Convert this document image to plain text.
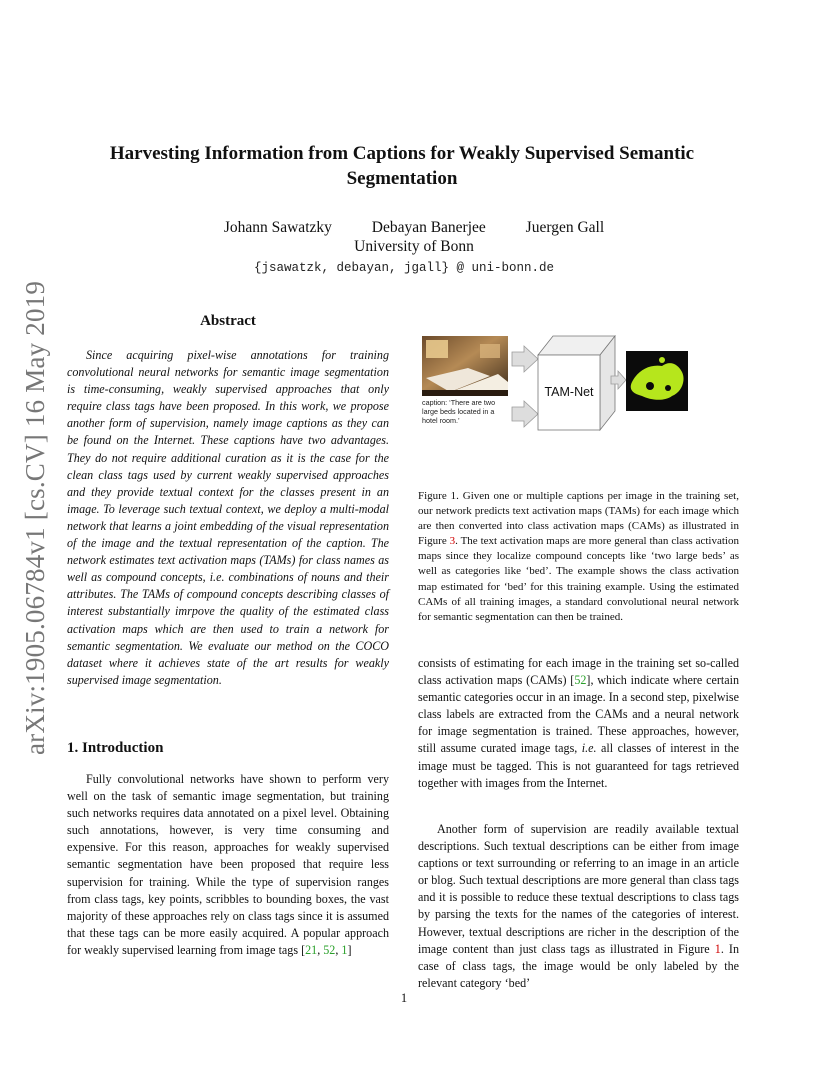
arXiv:1905.06784v1 [cs.CV] 16 May 2019
Harvesting Information from Captions for Weakly Supervised Semantic Segmentation
Johann Sawatzky	Debayan Banerjee	Juergen Gall
University of Bonn
{jsawatzk, debayan, jgall} @ uni-bonn.de
Abstract
Since acquiring pixel-wise annotations for training convolutional neural networks for semantic image segmentation is time-consuming, weakly supervised approaches that only require class tags have been proposed. In this work, we propose another form of supervision, namely image captions as they can be found on the Internet. These captions have two advantages. They do not require additional curation as it is the case for the clean class tags used by current weakly supervised approaches and they provide textual context for the classes present in an image. To leverage such textual context, we deploy a multi-modal network that learns a joint embedding of the visual representation of the image and the textual representation of the caption. The network estimates text activation maps (TAMs) for class names as well as compound concepts, i.e. combinations of nouns and their attributes. The TAMs of compound concepts describing classes of interest substantially imrpove the quality of the estimated class activation maps which are then used to train a network for semantic segmentation. We evaluate our method on the COCO dataset where it achieves state of the art results for weakly supervised image segmentation.
1. Introduction
Fully convolutional networks have shown to perform very well on the task of semantic image segmentation, but training such networks requires data annotated on a pixel level. Obtaining such annotations, however, is very time consuming and expensive. For this reason, approaches for weakly supervised semantic segmentation have been proposed that require less supervision for training. While the type of supervision ranges from class tags, key points, scribbles to bounding boxes, the vast majority of these approaches rely on class tags since it is assumed that these tags can be more easily acquired. A popular approach for weakly supervised learning from image tags [21, 52, 1]
caption: ‘There are two large beds located in a hotel room.’
TAM-Net
Figure 1. Given one or multiple captions per image in the training set, our network predicts text activation maps (TAMs) for each image which are then converted into class activation maps (CAMs) as illustrated in Figure 3. The text activation maps are more general than class activation maps since they localize compound concepts like ‘two large beds’ as well as categories like ‘bed’. The example shows the class activation map estimated for ‘bed’ for this training example. Using the estimated CAMs of all training images, a standard convolutional neural network for semantic segmentation can then be trained.
consists of estimating for each image in the training set so-called class activation maps (CAMs) [52], which indicate where certain semantic categories occur in an image. In a second step, pixelwise class labels are extracted from the CAMs and a neural network for image segmentation is trained. These approaches, however, still assume curated image tags, i.e. all classes of interest in the image must be tagged. This is not guaranteed for tags retrieved together with images from the Internet.
Another form of supervision are readily available textual descriptions. Such textual descriptions can be either from image captions or text surrounding or referring to an image in an article or blog. Such textual descriptions are more general than class tags and it is possible to reduce these textual descriptions to class tags by parsing the texts for the names of the categories of interest. However, textual descriptions are richer in the description of the image content than just class tags as illustrated in Figure 1. In case of class tags, the image would be only labeled by the relevant category ‘bed’
1
